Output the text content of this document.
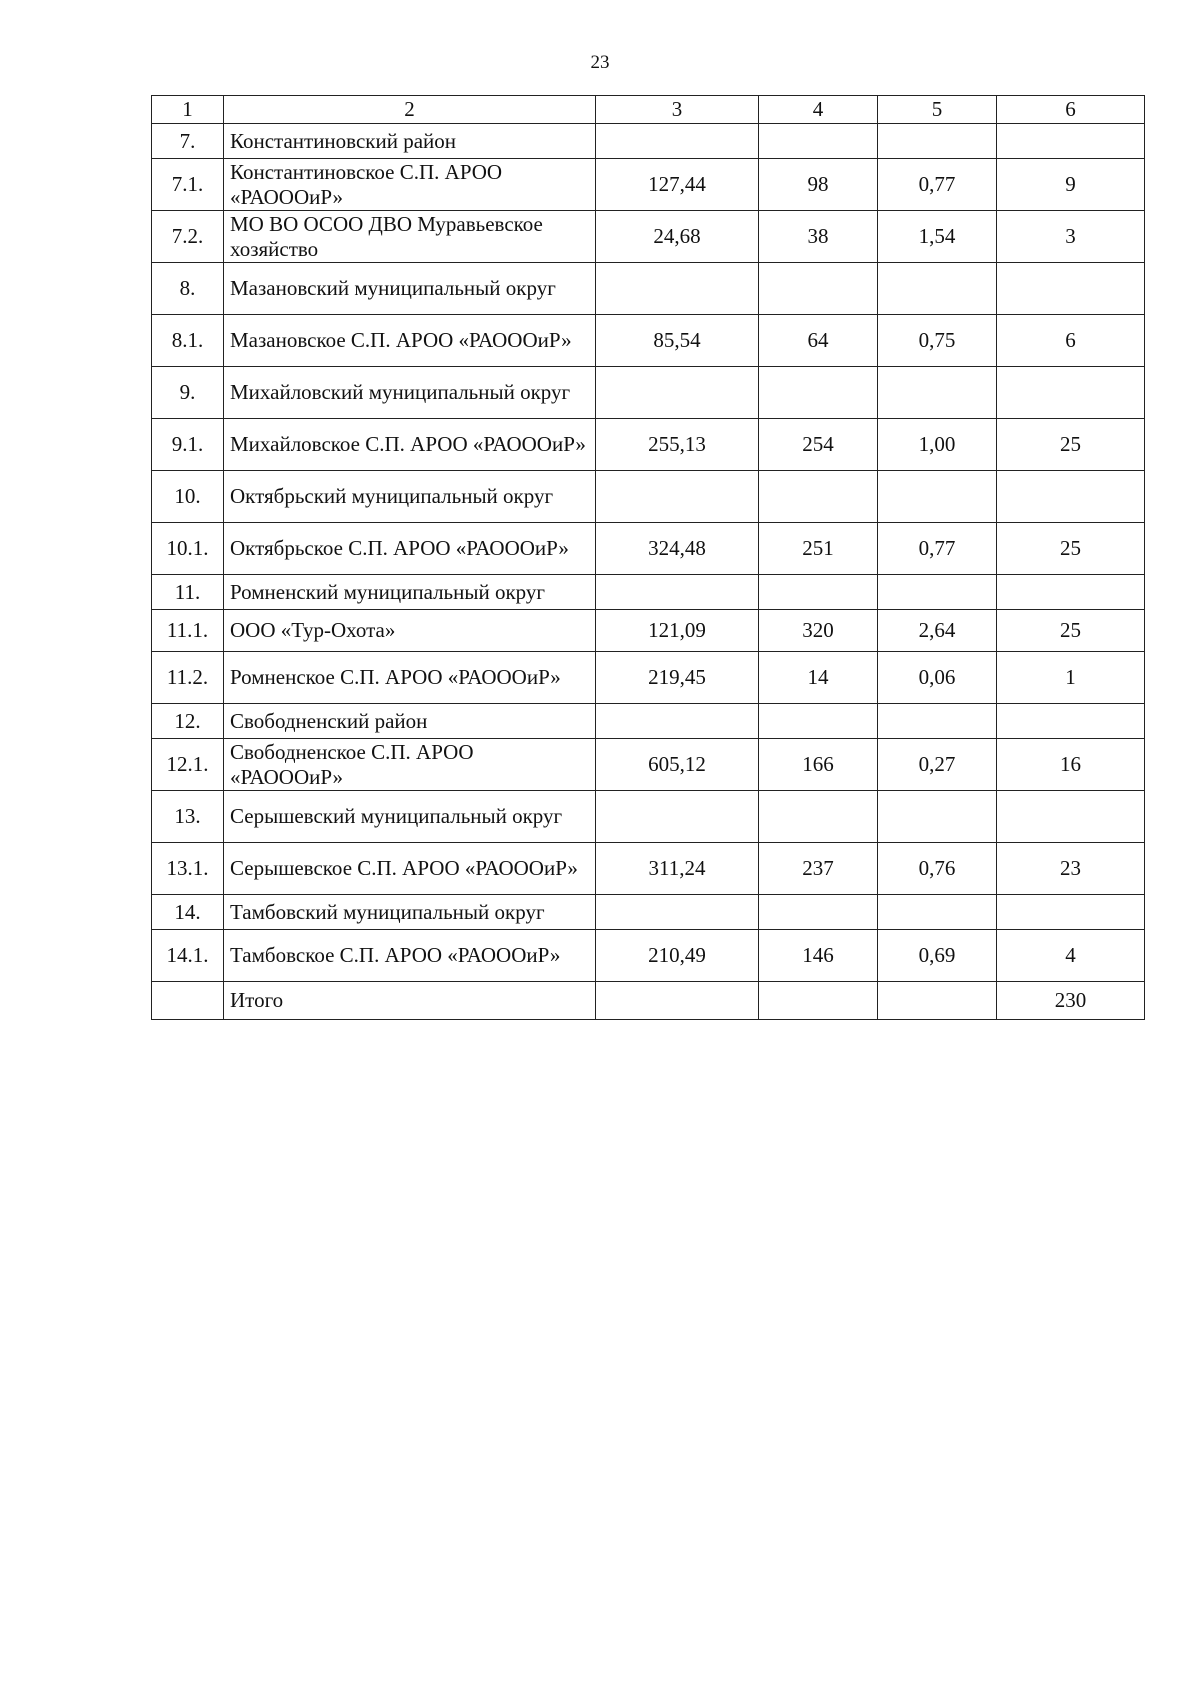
23
1	2	3	4	5	6
7.	Константиновский район				
7.1.	Константиновское С.П. АРОО «РАОООиР»	127,44	98	0,77	9
7.2.	МО ВО ОСОО ДВО Муравьевское хозяйство	24,68	38	1,54	3
8.	Мазановский муниципальный округ				
8.1.	Мазановское С.П. АРОО «РАОООиР»	85,54	64	0,75	6
9.	Михайловский муниципальный округ				
9.1.	Михайловское С.П. АРОО «РАОООиР»	255,13	254	1,00	25
10.	Октябрьский муниципальный округ				
10.1.	Октябрьское С.П. АРОО «РАОООиР»	324,48	251	0,77	25
11.	Ромненский муниципальный округ				
11.1.	ООО «Тур-Охота»	121,09	320	2,64	25
11.2.	Ромненское С.П. АРОО «РАОООиР»	219,45	14	0,06	1
12.	Свободненский район				
12.1.	Свободненское С.П. АРОО «РАОООиР»	605,12	166	0,27	16
13.	Серышевский муниципальный округ				
13.1.	Серышевское С.П. АРОО «РАОООиР»	311,24	237	0,76	23
14.	Тамбовский муниципальный округ				
14.1.	Тамбовское С.П. АРОО «РАОООиР»	210,49	146	0,69	4
	Итого				230
